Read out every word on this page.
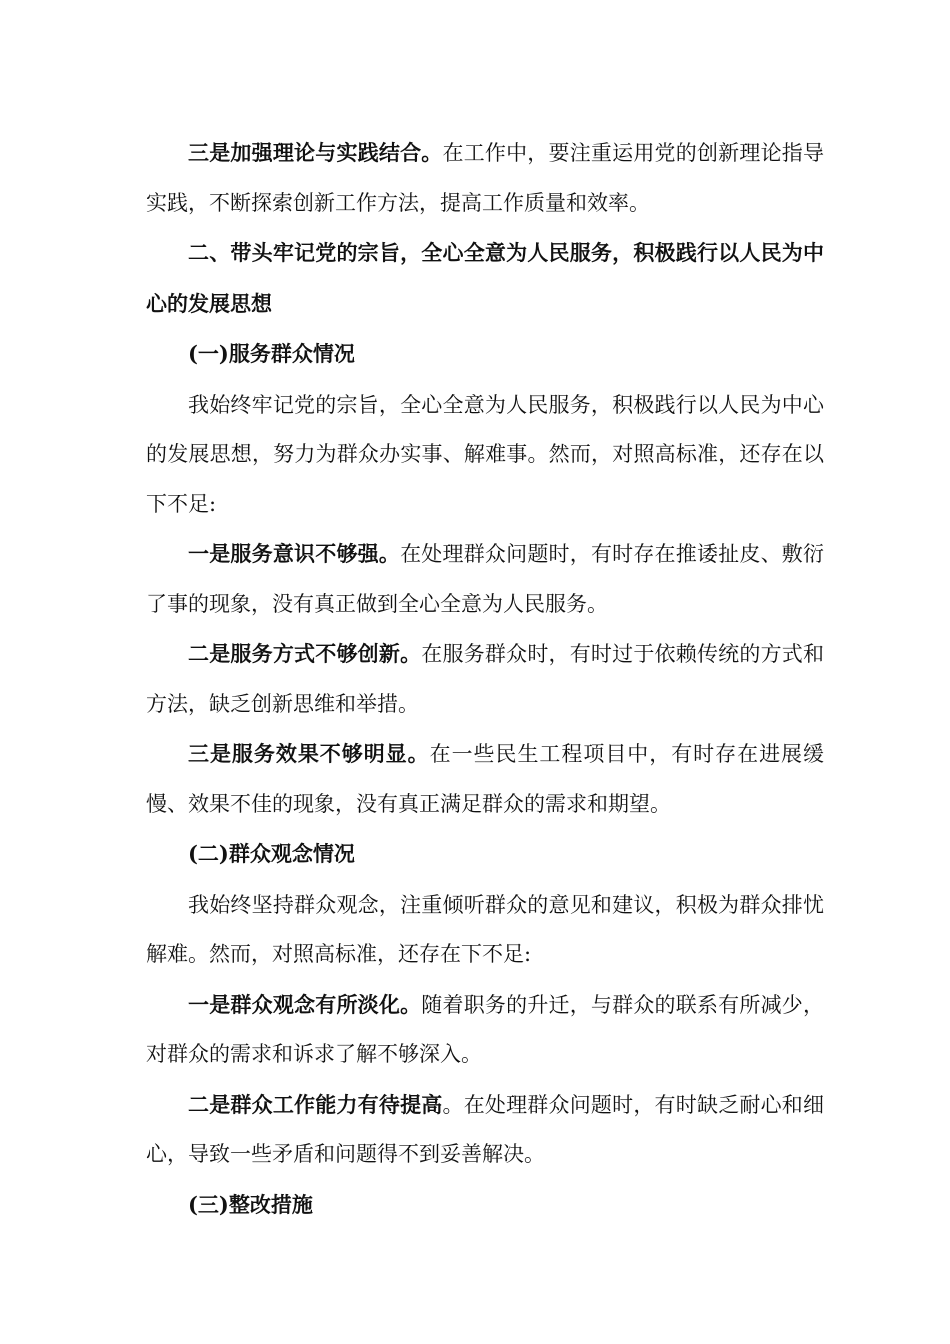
三是加强理论与实践结合。在工作中，要注重运用党的创新理论指导实践，不断探索创新工作方法，提高工作质量和效率。

二、带头牢记党的宗旨，全心全意为人民服务，积极践行以人民为中心的发展思想

(一)服务群众情况

我始终牢记党的宗旨，全心全意为人民服务，积极践行以人民为中心的发展思想，努力为群众办实事、解难事。然而，对照高标准，还存在以下不足:

一是服务意识不够强。在处理群众问题时，有时存在推诿扯皮、敷衍了事的现象，没有真正做到全心全意为人民服务。

二是服务方式不够创新。在服务群众时，有时过于依赖传统的方式和方法，缺乏创新思维和举措。

三是服务效果不够明显。在一些民生工程项目中，有时存在进展缓慢、效果不佳的现象，没有真正满足群众的需求和期望。

(二)群众观念情况

我始终坚持群众观念，注重倾听群众的意见和建议，积极为群众排忧解难。然而，对照高标准，还存在下不足:

一是群众观念有所淡化。随着职务的升迁，与群众的联系有所减少，对群众的需求和诉求了解不够深入。

二是群众工作能力有待提高。在处理群众问题时，有时缺乏耐心和细心，导致一些矛盾和问题得不到妥善解决。

(三)整改措施
